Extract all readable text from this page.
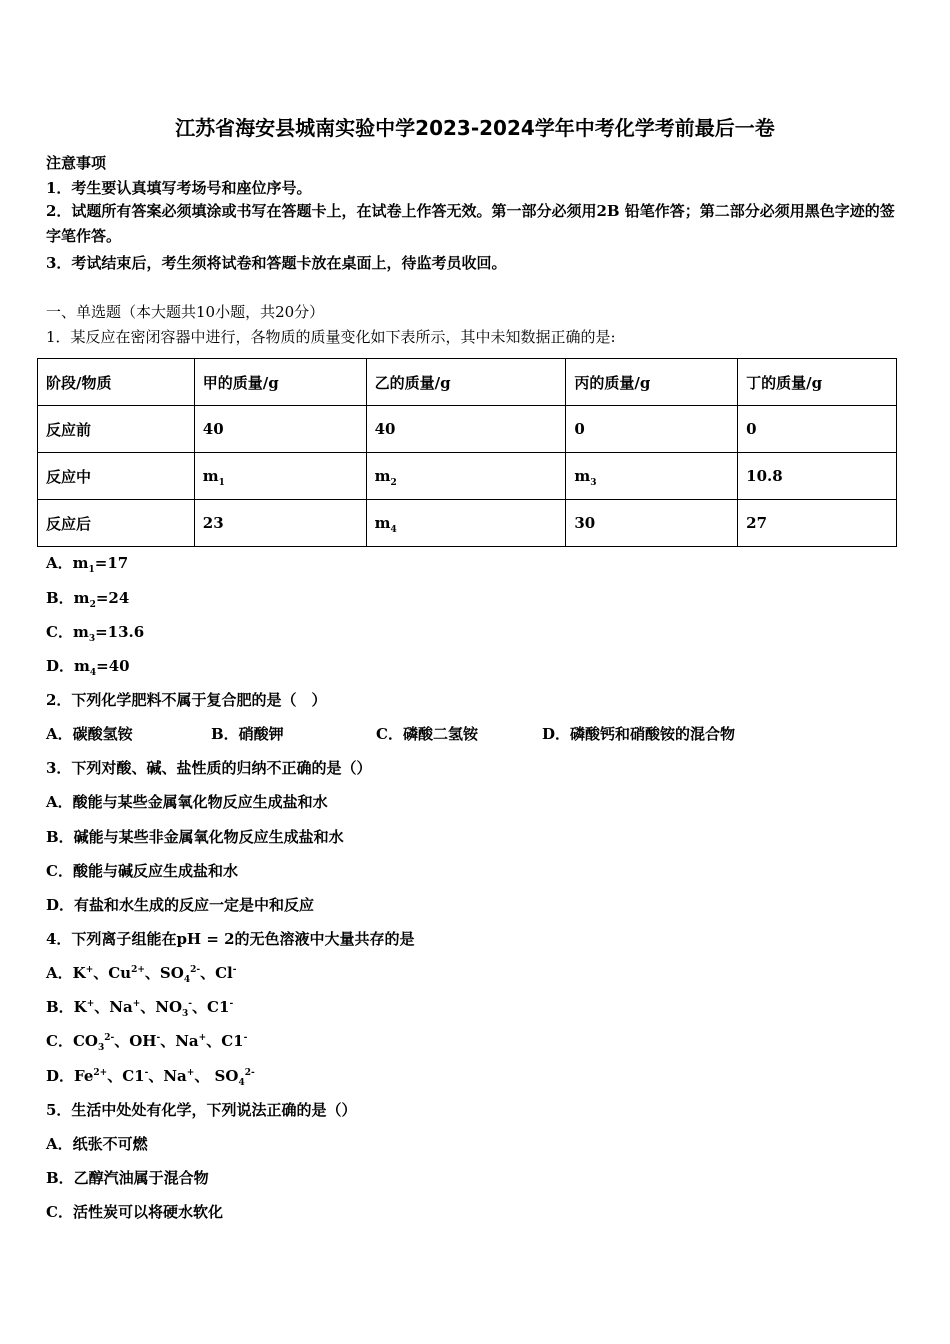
江苏省海安县城南实验中学2023-2024学年中考化学考前最后一卷
注意事项
1．考生要认真填写考场号和座位序号。
2．试题所有答案必须填涂或书写在答题卡上，在试卷上作答无效。第一部分必须用2B 铅笔作答；第二部分必须用黑色字迹的签字笔作答。
3．考试结束后，考生须将试卷和答题卡放在桌面上，待监考员收回。
一、单选题（本大题共10小题，共20分）
1．某反应在密闭容器中进行，各物质的质量变化如下表所示，其中未知数据正确的是:
阶段/物质	甲的质量/g	乙的质量/g	丙的质量/g	丁的质量/g
反应前	40	40	0	0
反应中	$m_1$	$m_2$	$m_3$	10.8
反应后	23	$m_4$	30	27
A．$m_1=17$
B．$m_2=24$
C．$m_3=13.6$
D．$m_4=40$
2．下列化学肥料不属于复合肥的是（　）
A．碳酸氢铵	B．硝酸钾	C．磷酸二氢铵	D．磷酸钙和硝酸铵的混合物
3．下列对酸、碱、盐性质的归纳不正确的是（）
A．酸能与某些金属氧化物反应生成盐和水
B．碱能与某些非金属氧化物反应生成盐和水
C．酸能与碱反应生成盐和水
D．有盐和水生成的反应一定是中和反应
4．下列离子组能在pH = 2的无色溶液中大量共存的是
A．K+、$Cu^{2+}$、$SO_4^{2-}$、Cl-
B．K+、Na+、$NO_3^-$、C1-
C．$CO_3^{2-}$、OH-、Na+、C1-
D．$Fe^{2+}$、C1-、Na+、 $SO_4^{2-}$
5．生活中处处有化学，下列说法正确的是（）
A．纸张不可燃
B．乙醇汽油属于混合物
C．活性炭可以将硬水软化
